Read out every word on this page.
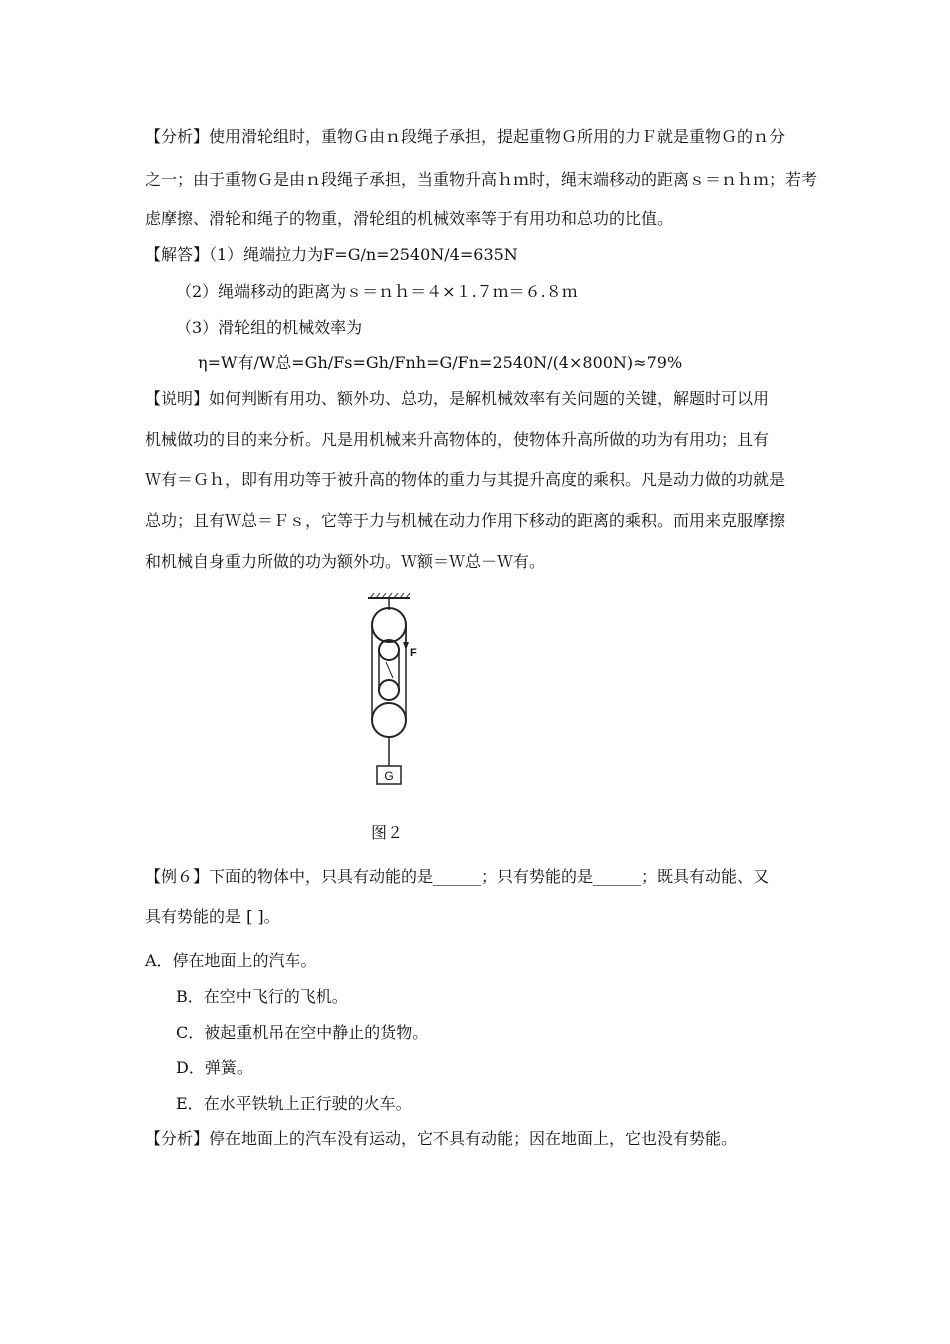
【分析】使用滑轮组时，重物Ｇ由ｎ段绳子承担，提起重物Ｇ所用的力Ｆ就是重物Ｇ的ｎ分
之一；由于重物Ｇ是由ｎ段绳子承担，当重物升高ｈｍ时，绳末端移动的距离ｓ＝ｎｈｍ；若考
虑摩擦、滑轮和绳子的物重，滑轮组的机械效率等于有用功和总功的比值。
【解答】（1）绳端拉力为F=G/n=2540N/4=635N
（2）绳端移动的距离为ｓ＝ｎｈ＝４×１.７ｍ＝６.８ｍ
（3）滑轮组的机械效率为
η=W有/W总=Gh/Fs=Gh/Fnh=G/Fn=2540N/(4×800N)≈79%
【说明】如何判断有用功、额外功、总功，是解机械效率有关问题的关键，解题时可以用
机械做功的目的来分析。凡是用机械来升高物体的，使物体升高所做的功为有用功；且有
Ｗ有＝Ｇｈ，即有用功等于被升高的物体的重力与其提升高度的乘积。凡是动力做的功就是
总功；且有Ｗ总＝Ｆｓ，它等于力与机械在动力作用下移动的距离的乘积。而用来克服摩擦
和机械自身重力所做的功为额外功。Ｗ额＝Ｗ总－Ｗ有。
F
G
图２
【例６】下面的物体中，只具有动能的是______；只有势能的是______；既具有动能、又
具有势能的是 [ ]。
A．停在地面上的汽车。
B．在空中飞行的飞机。
C．被起重机吊在空中静止的货物。
D．弹簧。
E．在水平铁轨上正行驶的火车。
【分析】停在地面上的汽车没有运动，它不具有动能；因在地面上，它也没有势能。
